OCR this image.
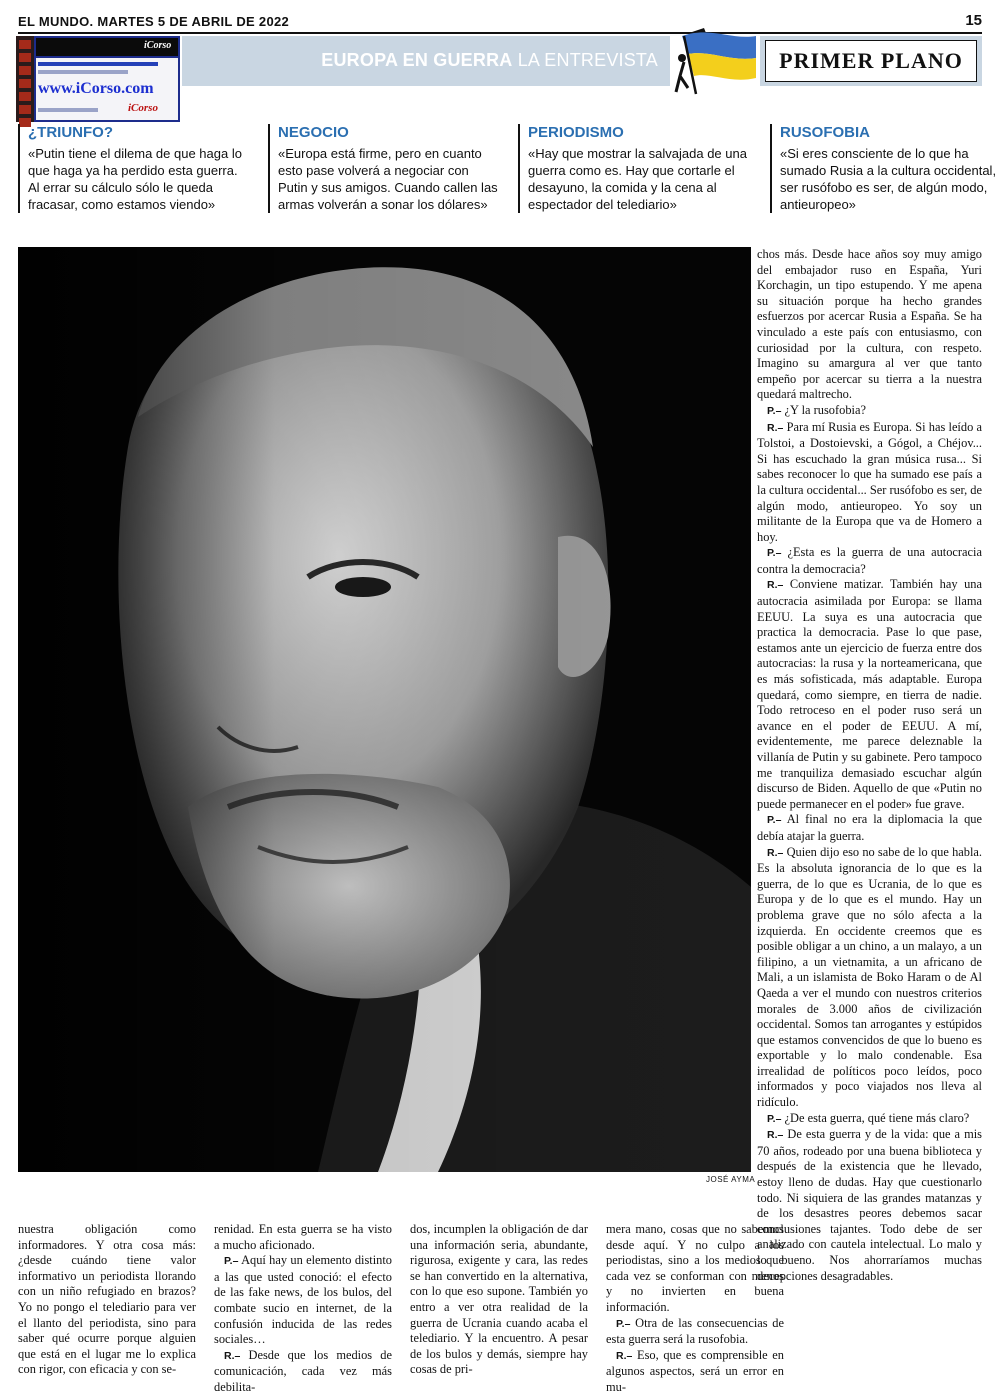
EL MUNDO. MARTES 5 DE ABRIL DE 2022	15
iCorso
www.iCorso.com
iCorso
EUROPA EN GUERRA LA ENTREVISTA	PRIMER PLANO
¿TRIUNFO?
«Putin tiene el dilema de que haga lo que haga ya ha perdido esta guerra. Al errar su cálculo sólo le queda fracasar, como estamos viendo»
NEGOCIO
«Europa está firme, pero en cuanto esto pase volverá a negociar con Putin y sus amigos. Cuando callen las armas volverán a sonar los dólares»
PERIODISMO
«Hay que mostrar la salvajada de una guerra como es. Hay que cortarle el desayuno, la comida y la cena al espectador del telediario»
RUSOFOBIA
«Si eres consciente de lo que ha sumado Rusia a la cultura occidental, ser rusófobo es ser, de algún modo, antieuropeo»
JOSÉ AYMA

chos más. Desde hace años soy muy amigo del embajador ruso en España, Yuri Korchagin, un tipo estupendo. Y me apena su situación porque ha hecho grandes esfuerzos por acercar Rusia a España. Se ha vinculado a este país con entusiasmo, con curiosidad por la cultura, con respeto. Imagino su amargura al ver que tanto empeño por acercar su tierra a la nuestra quedará maltrecho.

P.– ¿Y la rusofobia?

R.– Para mí Rusia es Europa. Si has leído a Tolstoi, a Dostoievski, a Gógol, a Chéjov... Si has escuchado la gran música rusa... Si sabes reconocer lo que ha sumado ese país a la cultura occidental... Ser rusófobo es ser, de algún modo, antieuropeo. Yo soy un militante de la Europa que va de Homero a hoy.

P.– ¿Esta es la guerra de una autocracia contra la democracia?

R.– Conviene matizar. También hay una autocracia asimilada por Europa: se llama EEUU. La suya es una autocracia que practica la democracia. Pase lo que pase, estamos ante un ejercicio de fuerza entre dos autocracias: la rusa y la norteamericana, que es más sofisticada, más adaptable. Europa quedará, como siempre, en tierra de nadie. Todo retroceso en el poder ruso será un avance en el poder de EEUU. A mí, evidentemente, me parece deleznable la villanía de Putin y su gabinete. Pero tampoco me tranquiliza demasiado escuchar algún discurso de Biden. Aquello de que «Putin no puede permanecer en el poder» fue grave.

P.– Al final no era la diplomacia la que debía atajar la guerra.

R.– Quien dijo eso no sabe de lo que habla. Es la absoluta ignorancia de lo que es la guerra, de lo que es Ucrania, de lo que es Europa y de lo que es el mundo. Hay un problema grave que no sólo afecta a la izquierda. En occidente creemos que es posible obligar a un chino, a un malayo, a un filipino, a un vietnamita, a un africano de Mali, a un islamista de Boko Haram o de Al Qaeda a ver el mundo con nuestros criterios morales de 3.000 años de civilización occidental. Somos tan arrogantes y estúpidos que estamos convencidos de que lo bueno es exportable y lo malo condenable. Esa irrealidad de políticos poco leídos, poco informados y poco viajados nos lleva al ridículo.

P.– ¿De esta guerra, qué tiene más claro?

R.– De esta guerra y de la vida: que a mis 70 años, rodeado por una buena biblioteca y después de la existencia que he llevado, estoy lleno de dudas. Hay que cuestionarlo todo. Ni siquiera de las grandes matanzas y de los desastres peores debemos sacar conclusiones tajantes. Todo debe de ser analizado con cautela intelectual. Lo malo y lo bueno. Nos ahorraríamos muchas decepciones desagradables.

nuestra obligación como informadores. Y otra cosa más: ¿desde cuándo tiene valor informativo un periodista llorando con un niño refugiado en brazos? Yo no pongo el telediario para ver el llanto del periodista, sino para saber qué ocurre porque alguien que está en el lugar me lo explica con rigor, con eficacia y con se-

renidad. En esta guerra se ha visto a mucho aficionado.

P.– Aquí hay un elemento distinto a las que usted conoció: el efecto de las fake news, de los bulos, del combate sucio en internet, de la confusión inducida de las redes sociales…

R.– Desde que los medios de comunicación, cada vez más debilita-

dos, incumplen la obligación de dar una información seria, abundante, rigurosa, exigente y cara, las redes se han convertido en la alternativa, con lo que eso supone. También yo entro a ver otra realidad de la guerra de Ucrania cuando acaba el telediario. Y la encuentro. A pesar de los bulos y demás, siempre hay cosas de pri-

mera mano, cosas que no sabemos desde aquí. Y no culpo a los periodistas, sino a los medios que cada vez se conforman con menos y no invierten en buena información.

P.– Otra de las consecuencias de esta guerra será la rusofobia.

R.– Eso, que es comprensible en algunos aspectos, será un error en mu-
